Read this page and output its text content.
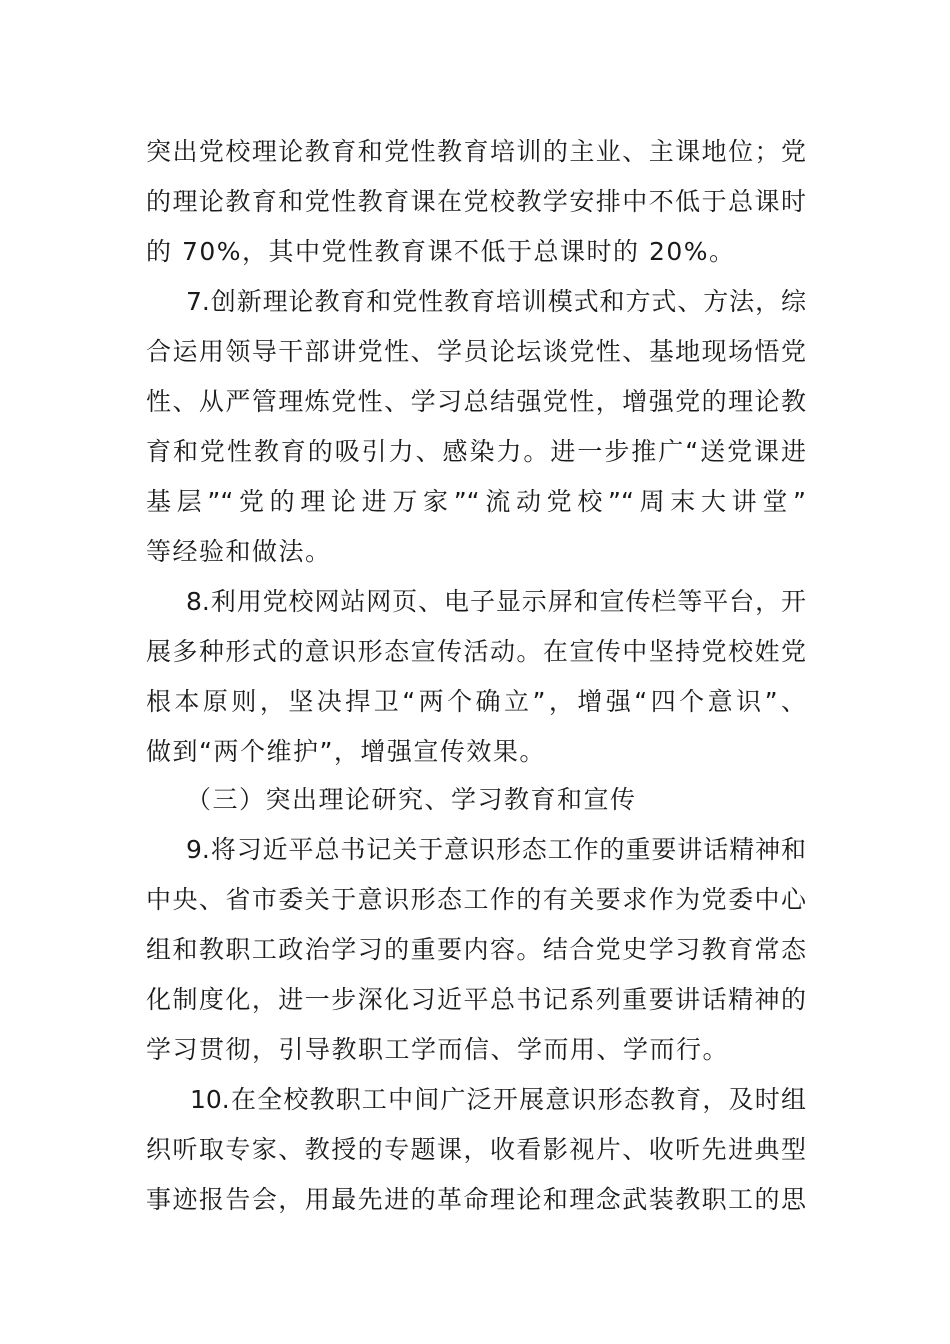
突出党校理论教育和党性教育培训的主业、主课地位；党
的理论教育和党性教育课在党校教学安排中不低于总课时
的 70%，其中党性教育课不低于总课时的 20%。
7.创新理论教育和党性教育培训模式和方式、方法，综
合运用领导干部讲党性、学员论坛谈党性、基地现场悟党
性、从严管理炼党性、学习总结强党性，增强党的理论教
育和党性教育的吸引力、感染力。进一步推广“送党课进
基层”“党的理论进万家”“流动党校”“周末大讲堂”
等经验和做法。
8.利用党校网站网页、电子显示屏和宣传栏等平台，开
展多种形式的意识形态宣传活动。在宣传中坚持党校姓党
根本原则，坚决捍卫“两个确立”，增强“四个意识”、
做到“两个维护”，增强宣传效果。
（三）突出理论研究、学习教育和宣传
9.将习近平总书记关于意识形态工作的重要讲话精神和
中央、省市委关于意识形态工作的有关要求作为党委中心
组和教职工政治学习的重要内容。结合党史学习教育常态
化制度化，进一步深化习近平总书记系列重要讲话精神的
学习贯彻，引导教职工学而信、学而用、学而行。
10.在全校教职工中间广泛开展意识形态教育，及时组
织听取专家、教授的专题课，收看影视片、收听先进典型
事迹报告会，用最先进的革命理论和理念武装教职工的思
